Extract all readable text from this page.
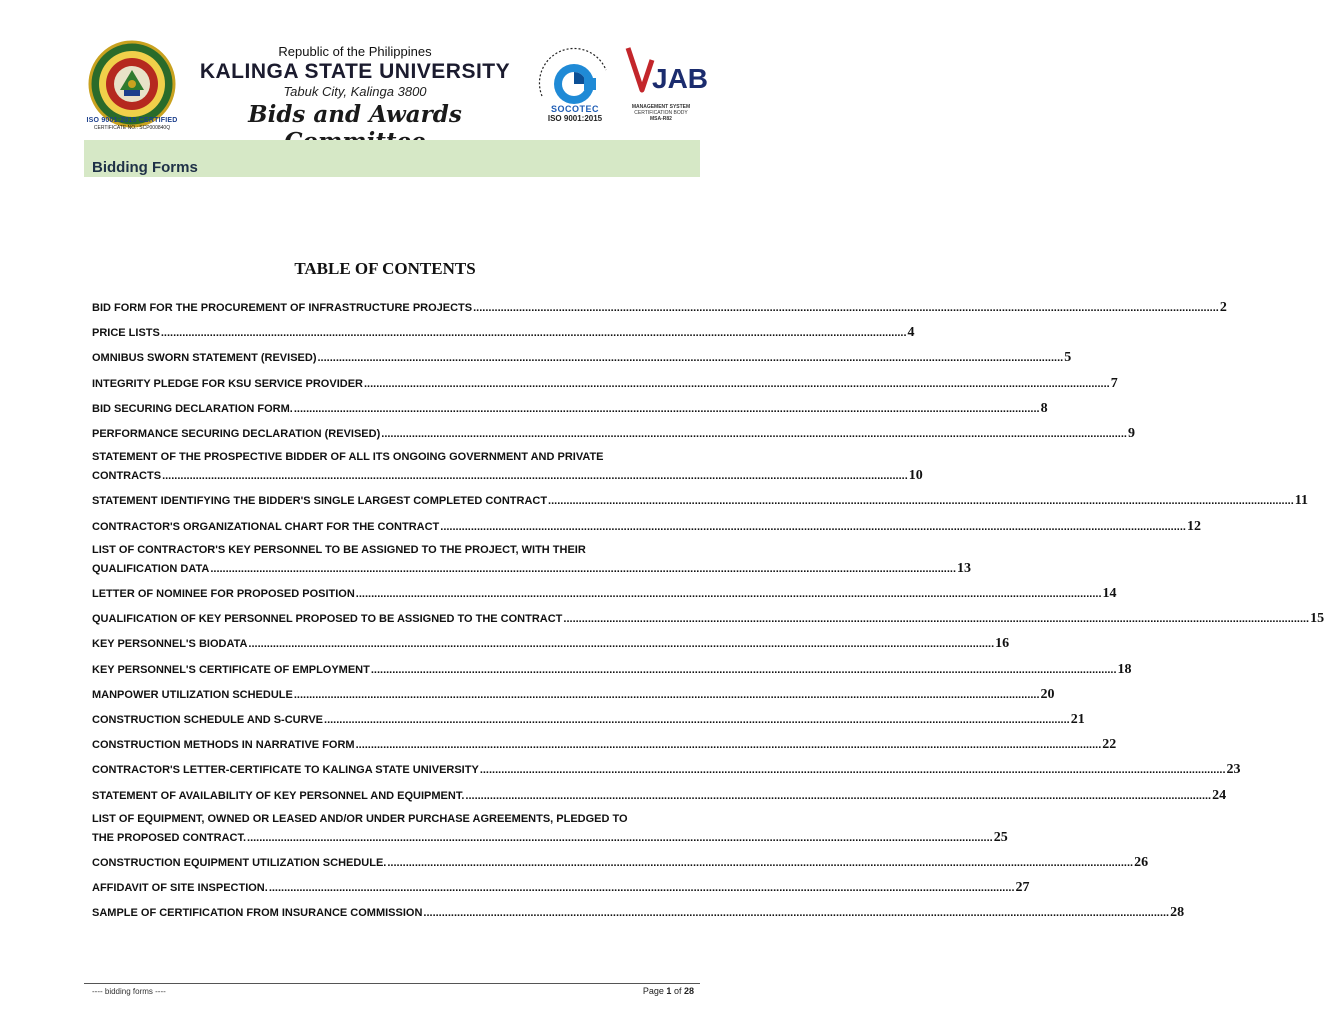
ISO 9001:2015 CERTIFIED
CERTIFICATE NO.: SCP000840Q
Republic of the Philippines
KALINGA STATE UNIVERSITY
Tabuk City, Kalinga 3800
Bids and Awards	SOCOTEC
ISO 9001:2015
JAB
MANAGEMENT SYSTEM
CERTIFICATION BODY
MSA-R82
Bidding Forms
TABLE OF CONTENTS
BID FORM FOR THE PROCUREMENT OF INFRASTRUCTURE PROJECTS .....	2
PRICE LISTS .....	4
OMNIBUS SWORN STATEMENT (REVISED) .....	5
INTEGRITY PLEDGE FOR KSU SERVICE PROVIDER .....	7
BID SECURING DECLARATION FORM. .....	8
PERFORMANCE SECURING DECLARATION (REVISED) .....	9
STATEMENT OF THE PROSPECTIVE BIDDER OF ALL ITS ONGOING GOVERNMENT AND PRIVATE
CONTRACTS .....	10
STATEMENT IDENTIFYING THE BIDDER'S SINGLE LARGEST COMPLETED CONTRACT .....	11
CONTRACTOR'S ORGANIZATIONAL CHART FOR THE CONTRACT .....	12
LIST OF CONTRACTOR'S KEY PERSONNEL TO BE ASSIGNED TO THE PROJECT, WITH THEIR
QUALIFICATION DATA .....	13
LETTER OF NOMINEE FOR PROPOSED POSITION .....	14
QUALIFICATION OF KEY PERSONNEL PROPOSED TO BE ASSIGNED TO THE CONTRACT .....	15
KEY PERSONNEL'S BIODATA .....	16
KEY PERSONNEL'S CERTIFICATE OF EMPLOYMENT .....	18
MANPOWER UTILIZATION SCHEDULE .....	20
CONSTRUCTION SCHEDULE AND S-CURVE .....	21
CONSTRUCTION METHODS IN NARRATIVE FORM .....	22
CONTRACTOR'S LETTER-CERTIFICATE TO KALINGA STATE UNIVERSITY .....	23
STATEMENT OF AVAILABILITY OF KEY PERSONNEL AND EQUIPMENT. .....	24
LIST OF EQUIPMENT, OWNED OR LEASED AND/OR UNDER PURCHASE AGREEMENTS, PLEDGED TO
THE PROPOSED CONTRACT. .....	25
CONSTRUCTION EQUIPMENT UTILIZATION SCHEDULE. .....	26
AFFIDAVIT OF SITE INSPECTION. .....	27
SAMPLE OF CERTIFICATION FROM INSURANCE COMMISSION .....	28
---- bidding forms ----	Page 1 of 28
